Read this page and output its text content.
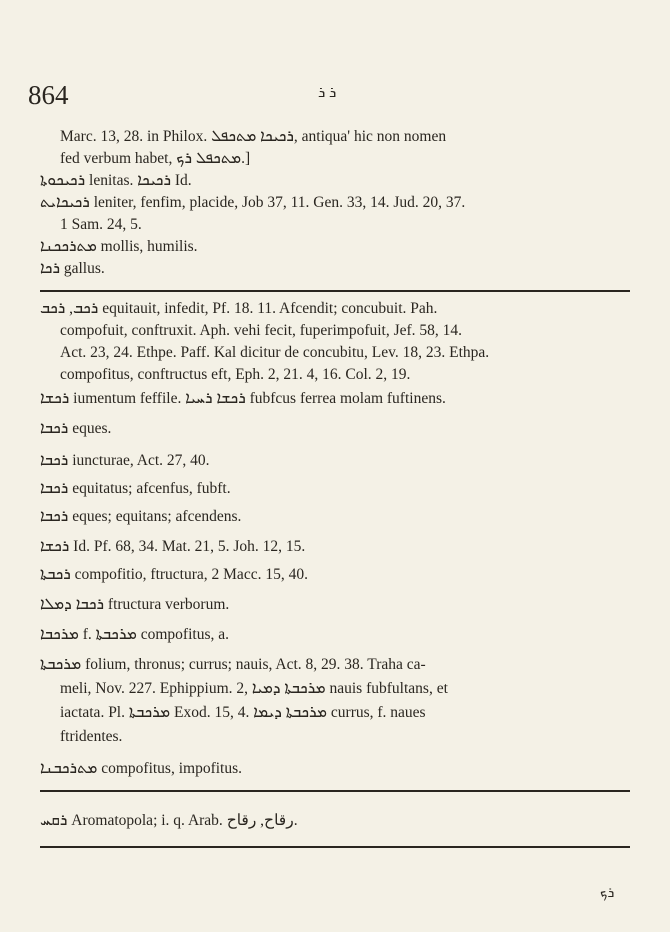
864	ܪ ܪ
Marc. 13, 28. in Philox. ܪܟܝܟܐ ܡܬܟܦܠ, antiqua' hic non nomen
fed verbum habet, ܡܬܟܦܠ ܪܟ.]
ܪܟܝܟܘܬܐ lenitas. ܪܟܝܟܐ Id.
ܪܟܝܟܐܝܬ leniter, fenfim, placide, Job 37, 11. Gen. 33, 14. Jud. 20, 37.
1 Sam. 24, 5.
ܡܬܪܟܟܢܐ mollis, humilis.
ܪܟܐ gallus.
ܪܟܒ, ܪܟܒ equitauit, infedit, Pf. 18. 11. Afcendit; concubuit. Pah.
compofuit, conftruxit. Aph. vehi fecit, fuperimpofuit, Jef. 58, 14.
Act. 23, 24. Ethpe. Paff. Kal dicitur de concubitu, Lev. 18, 23. Ethpa.
compofitus, conftructus eft, Eph. 2, 21. 4, 16. Col. 2, 19.
ܪܟܫܐ iumentum feffile. ܪܟܫܐ ܪܚܝܐ fubfcus ferrea molam fuftinens.
ܪܟܒܐ eques.
ܪܟܒܐ iuncturae, Act. 27, 40.
ܪܟܒܐ equitatus; afcenfus, fubft.
ܪܟܒܐ eques; equitans; afcendens.
ܪܟܫܐ Id. Pf. 68, 34. Mat. 21, 5. Joh. 12, 15.
ܪܟܒܬܐ compofitio, ftructura, 2 Macc. 15, 40.
ܪܟܒܐ ܕܡܠܐ ftructura verborum.
ܡܪܟܒܐ f. ܡܪܟܒܬܐ compofitus, a.
ܡܪܟܒܬܐ folium, thronus; currus; nauis, Act. 8, 29. 38. Traha ca-
meli, Nov. 227. Ephippium. 2, ܡܪܟܒܬܐ ܕܡܝܐ nauis fubfultans, et
iactata. Pl. ܡܪܟܒܬܐ Exod. 15, 4. ܡܪܟܒܬܐ ܕܝܡܐ currus, f. naues
ftridentes.
ܡܬܪܟܒܢܐ compofitus, impofitus.
ܪܩܚ Aromatopola; i. q. Arab. رقاح, رقاح.
ܪܟ
